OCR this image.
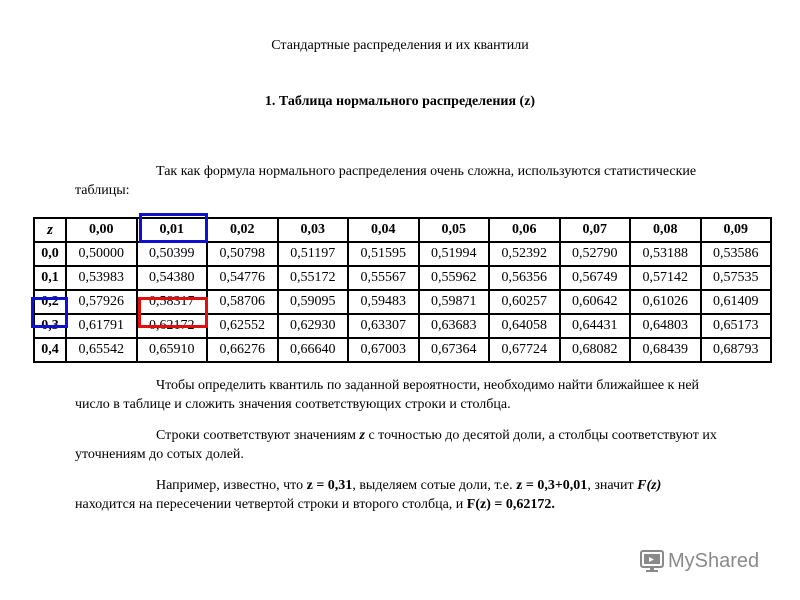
Стандартные распределения и их квантили
1. Таблица нормального распределения (z)
Так как формула нормального распределения очень сложна, используются статистические таблицы:
z	0,00	0,01	0,02	0,03	0,04	0,05	0,06	0,07	0,08	0,09
0,0	0,50000	0,50399	0,50798	0,51197	0,51595	0,51994	0,52392	0,52790	0,53188	0,53586
0,1	0,53983	0,54380	0,54776	0,55172	0,55567	0,55962	0,56356	0,56749	0,57142	0,57535
0,2	0,57926	0,58317	0,58706	0,59095	0,59483	0,59871	0,60257	0,60642	0,61026	0,61409
0,3	0,61791	0,62172	0,62552	0,62930	0,63307	0,63683	0,64058	0,64431	0,64803	0,65173
0,4	0,65542	0,65910	0,66276	0,66640	0,67003	0,67364	0,67724	0,68082	0,68439	0,68793
Чтобы определить квантиль по заданной вероятности, необходимо найти ближайшее к ней число в таблице и сложить значения соответствующих строки и столбца.
Строки соответствуют значениям z с точностью до десятой доли, а столбцы соответствуют их уточнениям до сотых долей.
Например, известно, что z = 0,31, выделяем сотые доли, т.е. z = 0,3+0,01, значит F(z) находится на пересечении четвертой строки и второго столбца, и F(z) = 0,62172.
MyShared
